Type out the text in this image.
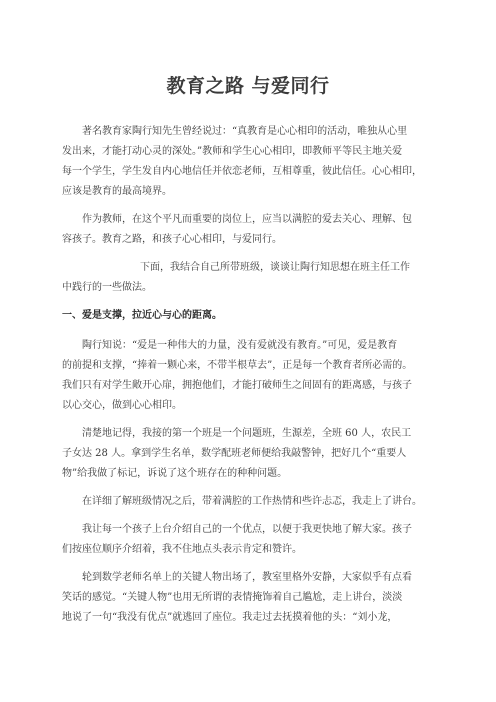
教育之路 与爱同行
著名教育家陶行知先生曾经说过：“真教育是心心相印的活动，唯独从心里
发出来，才能打动心灵的深处。”教师和学生心心相印，即教师平等民主地关爱
每一个学生，学生发自内心地信任并依恋老师，互相尊重，彼此信任。心心相印，
应该是教育的最高境界。
作为教师，在这个平凡而重要的岗位上，应当以满腔的爱去关心、理解、包
容孩子。教育之路，和孩子心心相印，与爱同行。
下面，我结合自己所带班级，谈谈让陶行知思想在班主任工作
中践行的一些做法。
一、爱是支撑，拉近心与心的距离。
陶行知说：“爱是一种伟大的力量，没有爱就没有教育。”可见，爱是教育
的前提和支撑，“捧着一颗心来，不带半根草去”，正是每一个教育者所必需的。
我们只有对学生敞开心扉，拥抱他们，才能打破师生之间固有的距离感，与孩子
以心交心，做到心心相印。
清楚地记得，我接的第一个班是一个问题班，生源差，全班 60 人，农民工
子女达 28 人。拿到学生名单，数学配班老师便给我敲警钟，把好几个“重要人
物”给我做了标记，诉说了这个班存在的种种问题。
在详细了解班级情况之后，带着满腔的工作热情和些许忐忑，我走上了讲台。
我让每一个孩子上台介绍自己的一个优点，以便于我更快地了解大家。孩子
们按座位顺序介绍着，我不住地点头表示肯定和赞许。
轮到数学老师名单上的关键人物出场了，教室里格外安静，大家似乎有点看
笑话的感觉。“关键人物”也用无所谓的表情掩饰着自己尴尬，走上讲台，淡淡
地说了一句“我没有优点”就逃回了座位。我走过去抚摸着他的头：“刘小龙，
